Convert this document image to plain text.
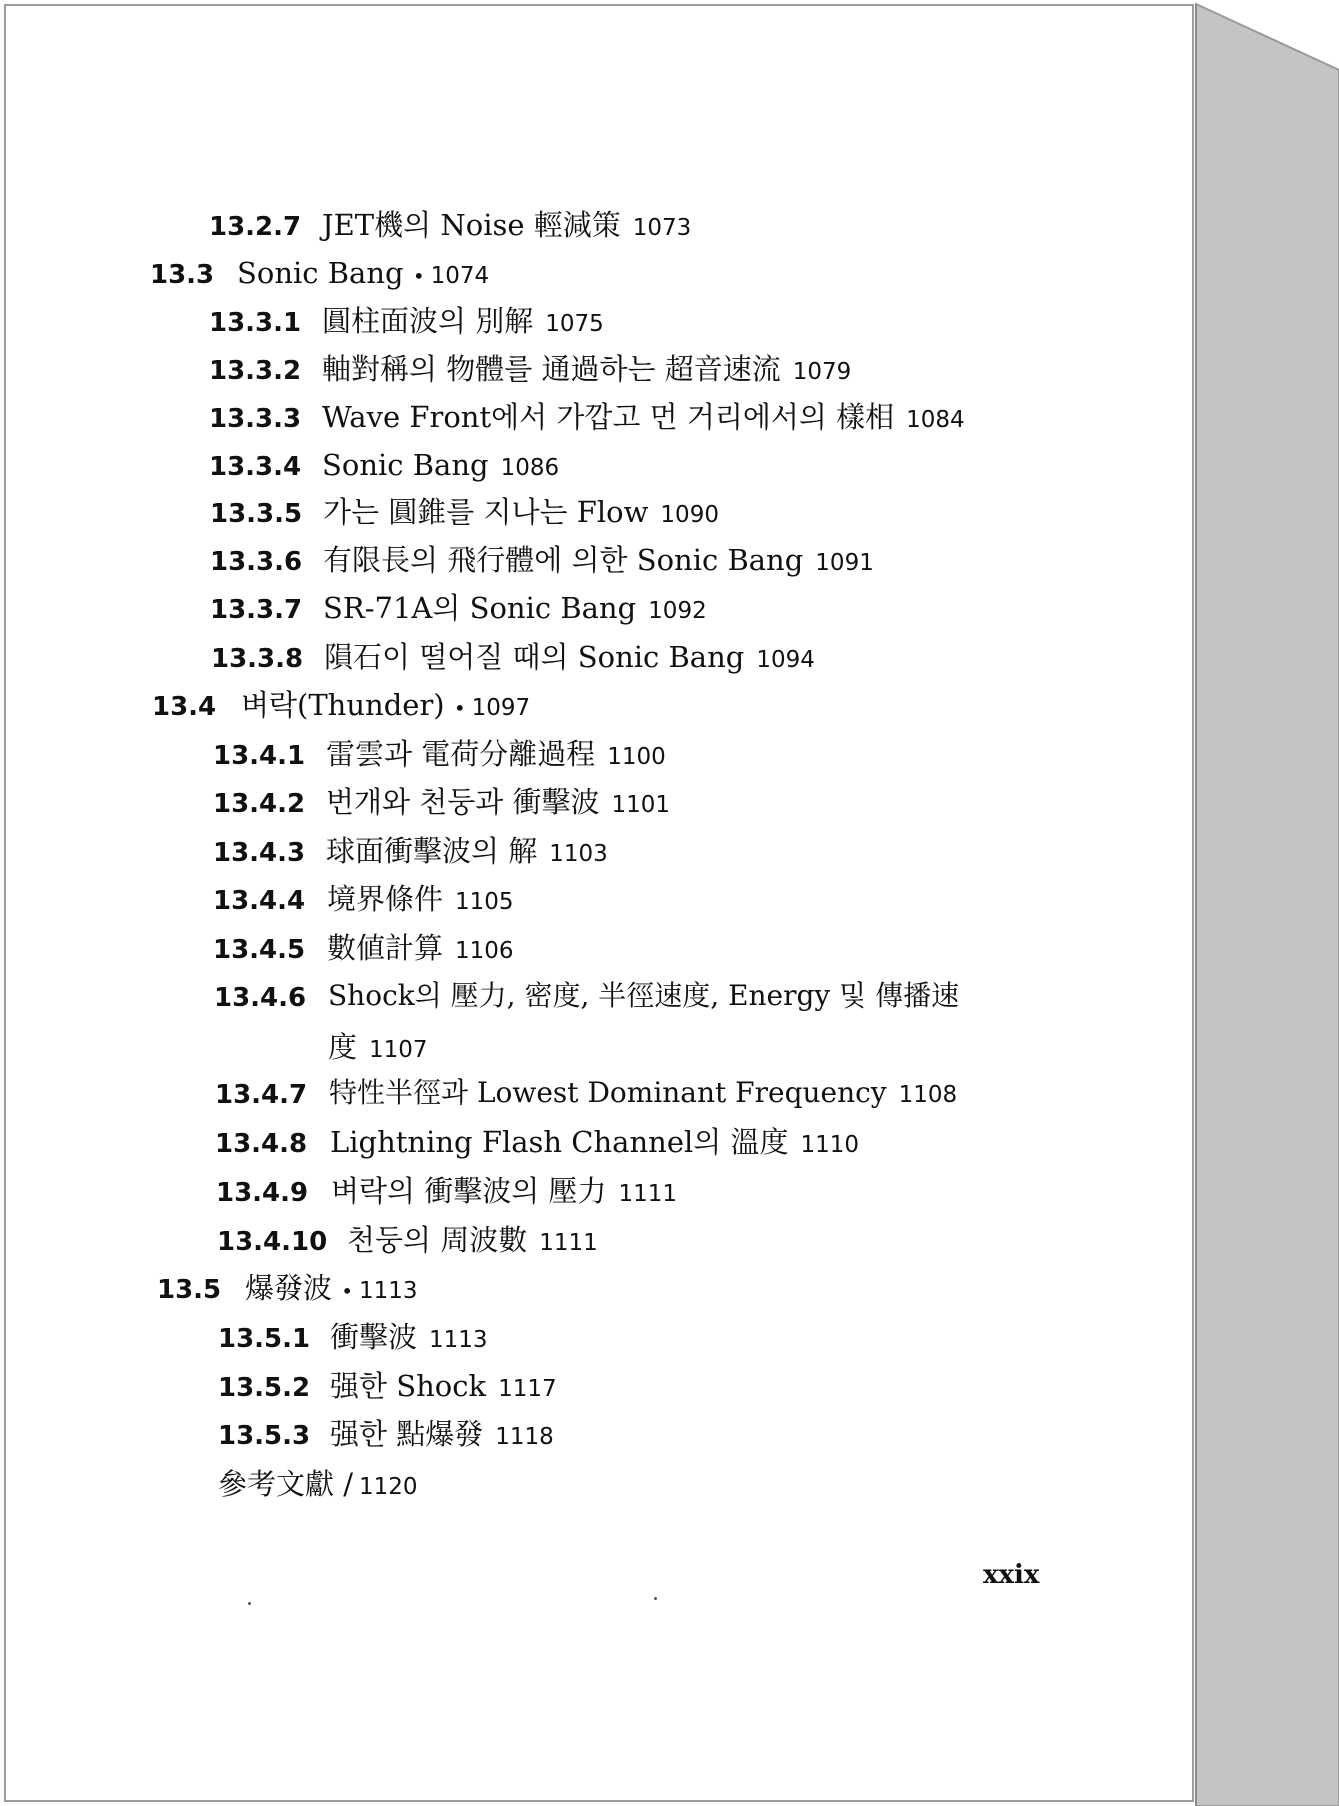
13.2.7 JET機의 Noise 輕減策 1073
13.3 Sonic Bang • 1074
13.3.1 圓柱面波의 別解 1075
13.3.2 軸對稱의 物體를 通過하는 超音速流 1079
13.3.3 Wave Front에서 가깝고 먼 거리에서의 樣相 1084
13.3.4 Sonic Bang 1086
13.3.5 가는 圓錐를 지나는 Flow 1090
13.3.6 有限長의 飛行體에 의한 Sonic Bang 1091
13.3.7 SR-71A의 Sonic Bang 1092
13.3.8 隕石이 떨어질 때의 Sonic Bang 1094
13.4 벼락(Thunder) • 1097
13.4.1 雷雲과 電荷分離過程 1100
13.4.2 번개와 천둥과 衝擊波 1101
13.4.3 球面衝擊波의 解 1103
13.4.4 境界條件 1105
13.4.5 數値計算 1106
13.4.6 Shock의 壓力, 密度, 半徑速度, Energy 및 傳播速
度 1107
13.4.7 特性半徑과 Lowest Dominant Frequency 1108
13.4.8 Lightning Flash Channel의 溫度 1110
13.4.9 벼락의 衝擊波의 壓力 1111
13.4.10 천둥의 周波數 1111
13.5 爆發波 • 1113
13.5.1 衝擊波 1113
13.5.2 强한 Shock 1117
13.5.3 强한 點爆發 1118
參考文獻 / 1120
xxix
